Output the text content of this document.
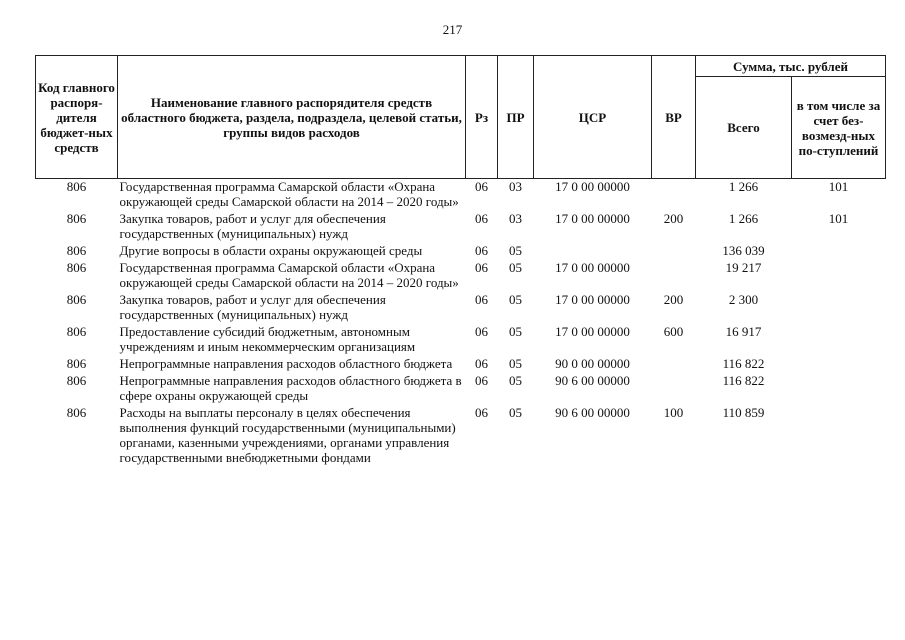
217
Код главного распоря-дителя бюджет-ных средств	Наименование главного распорядителя средств областного бюджета, раздела, подраздела, целевой статьи, группы видов расходов	Рз	ПР	ЦСР	ВР	Сумма, тыс. рублей	
						Всего	в том числе за счет без-возмезд-ных по-ступлений
806	Государственная программа Самарской области «Охрана окружающей среды Самарской области на 2014 – 2020 годы»	06	03	17 0 00 00000		1 266	101

806	Закупка товаров, работ и услуг для обеспечения государственных (муниципальных) нужд	06	03	17 0 00 00000	200	1 266	101

806	Другие вопросы в области охраны окружающей среды	06	05			136 039	

806	Государственная программа Самарской области «Охрана окружающей среды Самарской области на 2014 – 2020 годы»	06	05	17 0 00 00000		19 217	

806	Закупка товаров, работ и услуг для обеспечения государственных (муниципальных) нужд	06	05	17 0 00 00000	200	2 300	

806	Предоставление субсидий бюджетным, автономным учреждениям и иным некоммерческим организациям	06	05	17 0 00 00000	600	16 917	

806	Непрограммные направления расходов областного бюджета	06	05	90 0 00 00000		116 822	

806	Непрограммные направления расходов областного бюджета в сфере охраны окружающей среды	06	05	90 6 00 00000		116 822	

806	Расходы на выплаты персоналу в целях обеспечения выполнения функций государственными (муниципальными) органами, казенными учреждениями, органами управления государственными внебюджетными фондами	06	05	90 6 00 00000	100	110 859	
